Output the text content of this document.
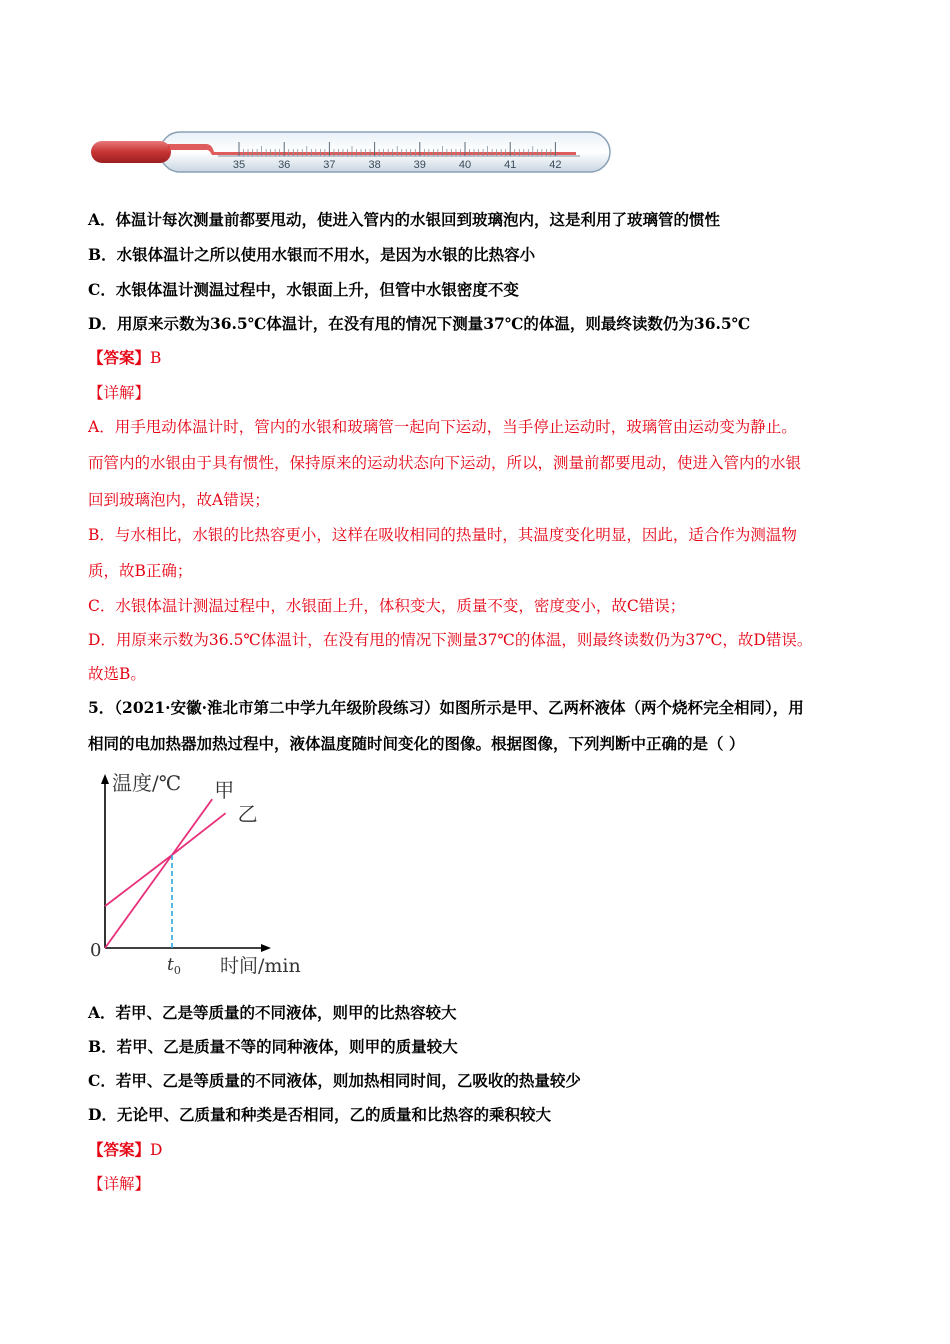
35	36	37	38	39	40	41	42
A．体温计每次测量前都要甩动，使进入管内的水银回到玻璃泡内，这是利用了玻璃管的惯性
B．水银体温计之所以使用水银而不用水，是因为水银的比热容小
C．水银体温计测温过程中，水银面上升，但管中水银密度不变
D．用原来示数为36.5℃体温计，在没有甩的情况下测量37℃的体温，则最终读数仍为36.5℃
【答案】B
【详解】
A．用手甩动体温计时，管内的水银和玻璃管一起向下运动，当手停止运动时，玻璃管由运动变为静止。
而管内的水银由于具有惯性，保持原来的运动状态向下运动，所以，测量前都要甩动，使进入管内的水银
回到玻璃泡内，故A错误；
B．与水相比，水银的比热容更小，这样在吸收相同的热量时，其温度变化明显，因此，适合作为测温物
质，故B正确；
C．水银体温计测温过程中，水银面上升，体积变大，质量不变，密度变小，故C错误；
D．用原来示数为36.5℃体温计，在没有甩的情况下测量37℃的体温，则最终读数仍为37℃，故D错误。
故选B。
5．（2021·安徽·淮北市第二中学九年级阶段练习）如图所示是甲、乙两杯液体（两个烧杯完全相同），用
相同的电加热器加热过程中，液体温度随时间变化的图像。根据图像，下列判断中正确的是（ ）
温度/℃
时间/min
0
$t_0$
甲
乙
A．若甲、乙是等质量的不同液体，则甲的比热容较大
B．若甲、乙是质量不等的同种液体，则甲的质量较大
C．若甲、乙是等质量的不同液体，则加热相同时间，乙吸收的热量较少
D．无论甲、乙质量和种类是否相同，乙的质量和比热容的乘积较大
【答案】D
【详解】
